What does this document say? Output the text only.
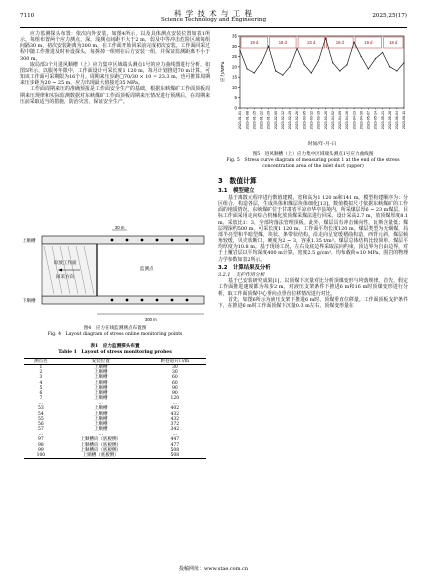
7110	科 学 技 术 与 工 程
Science Technology and Engineering
2025,25(17)

应力监测探头布置：依次向外安装，如图4所示，以及具体测点安装位置如表1所示。每组布置两个应力测点，深、浅测点间距不大于2 m，弱及中等冲击危险区域每组间隔30 m，初次安装距离为300 m，在工作面开始回采前完成初次安装。工作面回采过程中随工作推进及时补设探头，每拆掉一组则在后方安装一组，并保证监测距离不小于300 m。

取局部3个月进风顺槽（上）应力集中区域端头测点1号的应力曲线图进行分析，如图5所示，以服务年限中，工作面设计可采长度1 120 m，每月计划推进70 m计算。可知该工作面可采期限为16个月。周期来压步距□70/30 × 10 = 23.3 m，也可推算周期来压步距为20 ~ 25 m，应力出现最大值接近35 MPa。

工作面周期来压的准确预报是工作面安全生产的基础，根据东峡煤矿工作面顶板周期来压规律和实际监测数据对东峡煤矿工作面顶板周期来压情况进行预测后，在周期来压前采取适当的措施，防治灾害，保证安全生产。

上顺槽
下顺槽
综放工作面
回采方向
监测点
30 m
300 m
图4　应力在线监测测点布置图
Fig. 4　Layout diagram of stress online monitoring points
表1　应力监测探头布置
Table 1　Layout of stress monitoring probes
测点名	安装位置	距巷道开口/m
1	上顺槽	30
2	上顺槽	30
3	上顺槽	60
4	上顺槽	60
5	上顺槽	90
6	上顺槽	90
7	上顺槽	120
…	…	…
53	上顺槽	402
54	上顺槽	432
55	上顺槽	432
56	上顺槽	372
57	上顺槽	342
…	…	…
97	上顺槽向（底板侧）	447
98	上顺槽向（底板侧）	477
99	上顺槽向（底板侧）	508
100	上顺槽（底板侧）	508
0
5
10
15
20
25
30
35
19 d	18 d	23 d	18 d	19 d	18 d
2023-01-01 2023-01-08 2023-01-15 2023-01-22 2023-01-29 2023-02-05 2023-02-12 2023-02-19 2023-02-26 2023-03-05 2023-03-12 2023-03-19 2023-03-26 2023-04-02 2023-04-09 2023-04-16 2023-04-23 2023-04-30 2023-05-07 2023-05-14 2023-05-21 2023-05-28 2023-06-04 2023-06-11
应力/MPa
时间/年-月-日
图5　进风顺槽（上）应力集中区域端头测点1号应力曲线图
Fig. 5　Stress curve diagram of measuring point 1 at the end of the stress concentration area of the inlet duct (upper)
3　数值计算
3.1　模型建立

基于离散元程序进行数值建模，宽和高为1 120 m和141 m。模型构建顺序为：分区组合，构造各层，生成块体和煤层块体细化[13]。数值模拟尺寸依据东峡煤矿的工作面的地质情况，东峡煤矿位于甘肃省平凉市华亭县境内，所采煤层厚6 ~ 23 m煤层，目标工作面采用走向综合机械化放顶煤采煤法进行回采，设计采高2.7 m，放顶煤厚度8.1 m，采放比1：3，全部垮落法管理顶板。此外，煤层具有冲击倾向性，瓦斯含量低；煤层埋深约500 m，可采长度1 120 m，工作面平均长度120 m。煤层类型为无烟煤，局部半亮型和半暗型煤，块状、条带状结构。沿走向呈宽缓褶曲构造，西背元斜，煤层倾角较缓，贝壳状断口，硬度为2 ~ 3，容重1.35 t/m³。煤层总体结构比较简单，煤层平均厚度为10.8 m。基于现场工况，左右及底边界采取法向约束，顶边界为自由边界，对于上覆岩层以平均深度400 m计算，密度2.5 g/cm³，均布载荷≈10 MPa。围岩的物理力学参数如表2所示。

3.2　计算结果及分析
3.2.1　支护作用分析

基于已安装研究成果[1]，以顶煤下沉量对比分析顶煤变形与垮落规律。首先，假定工作面推进速度都为每步2 m，对液压支架条件下推进6 m和16 m时顶煤变形进行分析，取工作面顶煤中心垂向点垂直位移情况进行对比。

首先，如图6所示为液压支架下推进6 m时，顶煤垂直位移量。工作面顶板支护条件下，在推进6 m时工作面顶煤下沉量0.3 m左右，顶煤变形量在

投稿网址：www.stae.com.cn
